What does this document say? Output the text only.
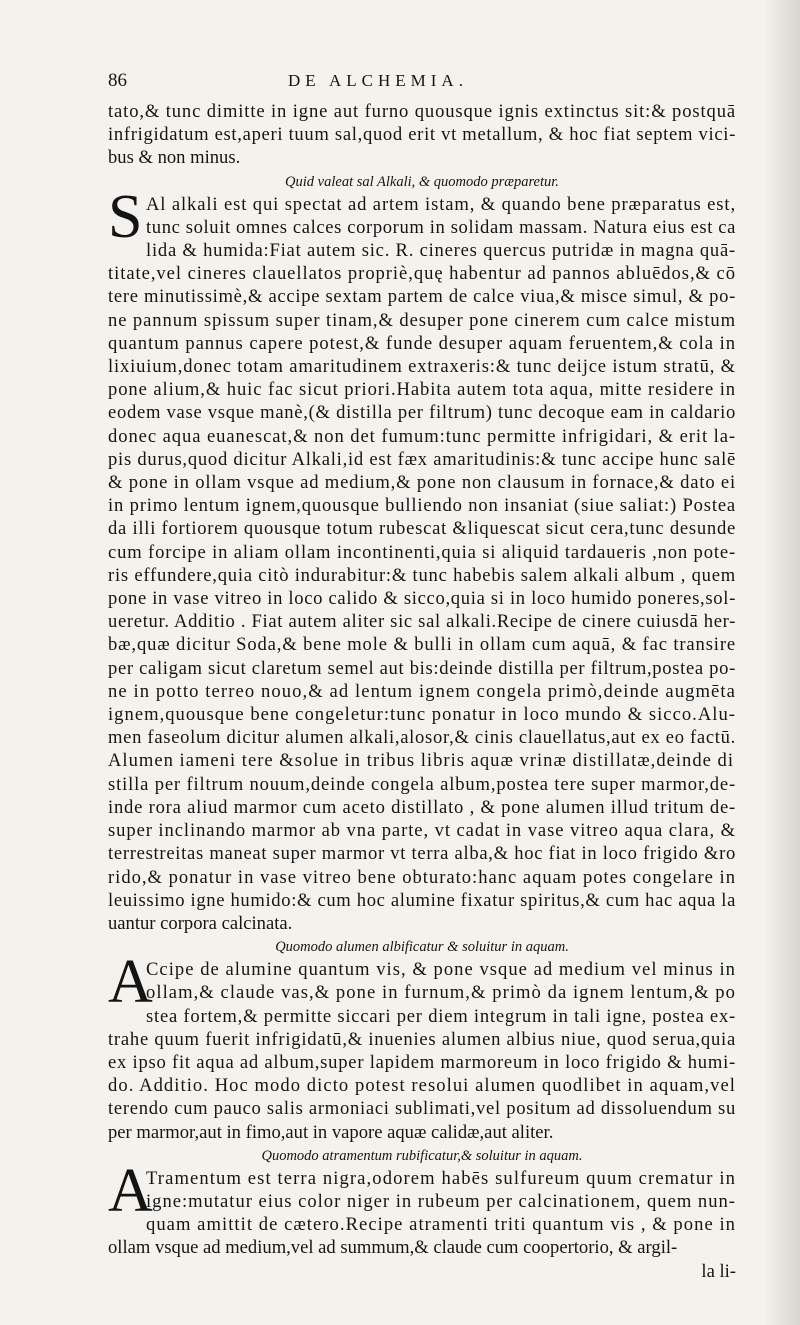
86	DE ALCHEMIA.
tato,& tunc dimitte in igne aut furno quousque ignis extinctus sit:& postquā
infrigidatum est,aperi tuum sal,quod erit vt metallum, & hoc fiat septem vici-
bus & non minus.
Quid valeat sal Alkali, & quomodo præparetur.
S Al alkali est qui spectat ad artem istam, & quando bene præparatus est,
tunc soluit omnes calces corporum in solidam massam. Natura eius est ca
lida & humida:Fiat autem sic. R. cineres quercus putridæ in magna quā-
titate,vel cineres clauellatos propriè,quę habentur ad pannos abluēdos,& cō
tere minutissimè,& accipe sextam partem de calce viua,& misce simul, & po-
ne pannum spissum super tinam,& desuper pone cinerem cum calce mistum
quantum pannus capere potest,& funde desuper aquam feruentem,& cola in
lixiuium,donec totam amaritudinem extraxeris:& tunc deijce istum stratū, &
pone alium,& huic fac sicut priori.Habita autem tota aqua, mitte residere in
eodem vase vsque manè,(& distilla per filtrum) tunc decoque eam in caldario
donec aqua euanescat,& non det fumum:tunc permitte infrigidari, & erit la-
pis durus,quod dicitur Alkali,id est fæx amaritudinis:& tunc accipe hunc salē
& pone in ollam vsque ad medium,& pone non clausum in fornace,& dato ei
in primo lentum ignem,quousque bulliendo non insaniat (siue saliat:) Postea
da illi fortiorem quousque totum rubescat &liquescat sicut cera,tunc desunde
cum forcipe in aliam ollam incontinenti,quia si aliquid tardaueris ,non pote-
ris effundere,quia citò indurabitur:& tunc habebis salem alkali album , quem
pone in vase vitreo in loco calido & sicco,quia si in loco humido poneres,sol-
ueretur. Additio . Fiat autem aliter sic sal alkali.Recipe de cinere cuiusdā her-
bæ,quæ dicitur Soda,& bene mole & bulli in ollam cum aquā, & fac transire
per caligam sicut claretum semel aut bis:deinde distilla per filtrum,postea po-
ne in potto terreo nouo,& ad lentum ignem congela primò,deinde augmēta
ignem,quousque bene congeletur:tunc ponatur in loco mundo & sicco.Alu-
men faseolum dicitur alumen alkali,alosor,& cinis clauellatus,aut ex eo factū.
Alumen iameni tere &solue in tribus libris aquæ vrinæ distillatæ,deinde di
stilla per filtrum nouum,deinde congela album,postea tere super marmor,de-
inde rora aliud marmor cum aceto distillato , & pone alumen illud tritum de-
super inclinando marmor ab vna parte, vt cadat in vase vitreo aqua clara, &
terrestreitas maneat super marmor vt terra alba,& hoc fiat in loco frigido &ro
rido,& ponatur in vase vitreo bene obturato:hanc aquam potes congelare in
leuissimo igne humido:& cum hoc alumine fixatur spiritus,& cum hac aqua la
uantur corpora calcinata.
Quomodo alumen albificatur & soluitur in aquam.
A
Ccipe de alumine quantum vis, & pone vsque ad medium vel minus in
ollam,& claude vas,& pone in furnum,& primò da ignem lentum,& po
stea fortem,& permitte siccari per diem integrum in tali igne, postea ex-
trahe quum fuerit infrigidatū,& inuenies alumen albius niue, quod serua,quia
ex ipso fit aqua ad album,super lapidem marmoreum in loco frigido & humi-
do. Additio. Hoc modo dicto potest resolui alumen quodlibet in aquam,vel
terendo cum pauco salis armoniaci sublimati,vel positum ad dissoluendum su
per marmor,aut in fimo,aut in vapore aquæ calidæ,aut aliter.
Quomodo atramentum rubificatur,& soluitur in aquam.
A
Tramentum est terra nigra,odorem habēs sulfureum quum crematur in
igne:mutatur eius color niger in rubeum per calcinationem, quem nun-
quam amittit de cætero.Recipe atramenti triti quantum vis , & pone in
ollam vsque ad medium,vel ad summum,& claude cum coopertorio, & argil-
la li-
